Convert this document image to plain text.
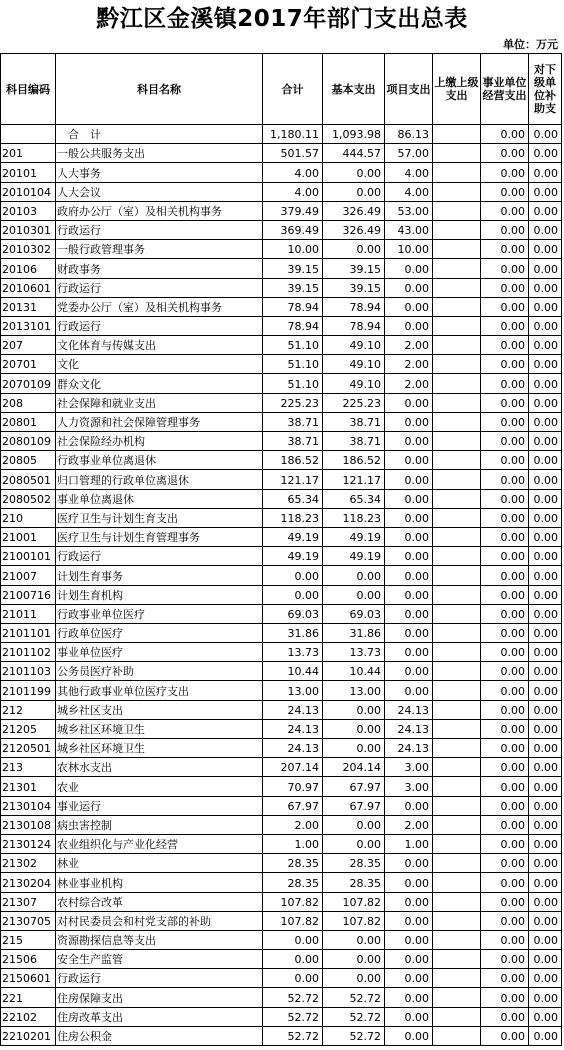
黔江区金溪镇2017年部门支出总表
单位：万元
科目编码	科目名称	合计	基本支出	项目支出	上缴上级支出	事业单位经营支出	对下级单位补助支
	　合　计	1,180.11	1,093.98	86.13		0.00	0.00
201	一般公共服务支出	501.57	444.57	57.00		0.00	0.00
20101	人大事务	4.00	0.00	4.00		0.00	0.00
2010104	人大会议	4.00	0.00	4.00		0.00	0.00
20103	政府办公厅（室）及相关机构事务	379.49	326.49	53.00		0.00	0.00
2010301	行政运行	369.49	326.49	43.00		0.00	0.00
2010302	一般行政管理事务	10.00	0.00	10.00		0.00	0.00
20106	财政事务	39.15	39.15	0.00		0.00	0.00
2010601	行政运行	39.15	39.15	0.00		0.00	0.00
20131	党委办公厅（室）及相关机构事务	78.94	78.94	0.00		0.00	0.00
2013101	行政运行	78.94	78.94	0.00		0.00	0.00
207	文化体育与传媒支出	51.10	49.10	2.00		0.00	0.00
20701	文化	51.10	49.10	2.00		0.00	0.00
2070109	群众文化	51.10	49.10	2.00		0.00	0.00
208	社会保障和就业支出	225.23	225.23	0.00		0.00	0.00
20801	人力资源和社会保障管理事务	38.71	38.71	0.00		0.00	0.00
2080109	社会保险经办机构	38.71	38.71	0.00		0.00	0.00
20805	行政事业单位离退休	186.52	186.52	0.00		0.00	0.00
2080501	归口管理的行政单位离退休	121.17	121.17	0.00		0.00	0.00
2080502	事业单位离退休	65.34	65.34	0.00		0.00	0.00
210	医疗卫生与计划生育支出	118.23	118.23	0.00		0.00	0.00
21001	医疗卫生与计划生育管理事务	49.19	49.19	0.00		0.00	0.00
2100101	行政运行	49.19	49.19	0.00		0.00	0.00
21007	计划生育事务	0.00	0.00	0.00		0.00	0.00
2100716	计划生育机构	0.00	0.00	0.00		0.00	0.00
21011	行政事业单位医疗	69.03	69.03	0.00		0.00	0.00
2101101	行政单位医疗	31.86	31.86	0.00		0.00	0.00
2101102	事业单位医疗	13.73	13.73	0.00		0.00	0.00
2101103	公务员医疗补助	10.44	10.44	0.00		0.00	0.00
2101199	其他行政事业单位医疗支出	13.00	13.00	0.00		0.00	0.00
212	城乡社区支出	24.13	0.00	24.13		0.00	0.00
21205	城乡社区环境卫生	24.13	0.00	24.13		0.00	0.00
2120501	城乡社区环境卫生	24.13	0.00	24.13		0.00	0.00
213	农林水支出	207.14	204.14	3.00		0.00	0.00
21301	农业	70.97	67.97	3.00		0.00	0.00
2130104	事业运行	67.97	67.97	0.00		0.00	0.00
2130108	病虫害控制	2.00	0.00	2.00		0.00	0.00
2130124	农业组织化与产业化经营	1.00	0.00	1.00		0.00	0.00
21302	林业	28.35	28.35	0.00		0.00	0.00
2130204	林业事业机构	28.35	28.35	0.00		0.00	0.00
21307	农村综合改革	107.82	107.82	0.00		0.00	0.00
2130705	对村民委员会和村党支部的补助	107.82	107.82	0.00		0.00	0.00
215	资源勘探信息等支出	0.00	0.00	0.00		0.00	0.00
21506	安全生产监管	0.00	0.00	0.00		0.00	0.00
2150601	行政运行	0.00	0.00	0.00		0.00	0.00
221	住房保障支出	52.72	52.72	0.00		0.00	0.00
22102	住房改革支出	52.72	52.72	0.00		0.00	0.00
2210201	住房公积金	52.72	52.72	0.00		0.00	0.00
